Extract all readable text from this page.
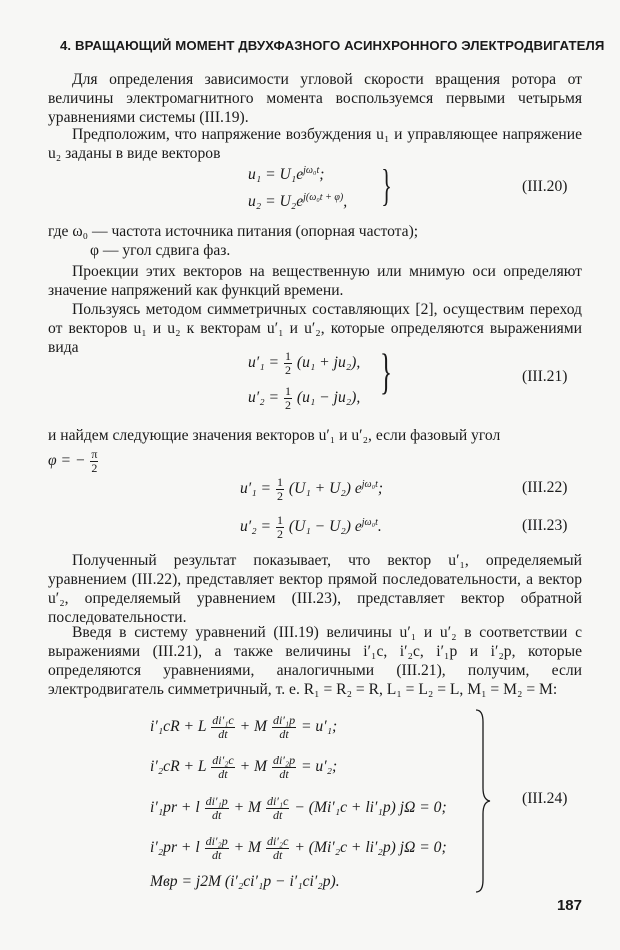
4. ВРАЩАЮЩИЙ МОМЕНТ ДВУХФАЗНОГО АСИНХРОННОГО ЭЛЕКТРОДВИГАТЕЛЯ

Для определения зависимости угловой скорости вращения ротора от величины электромагнитного момента воспользуемся первыми четырьмя уравнениями системы (III.19).

Предположим, что напряжение возбуждения u₁ и управляющее напряжение u₂ заданы в виде векторов

$u_1 = U_1e^{j\omega_0t}$;
$u_2 = U_2e^{j(\omega_0t + \varphi)}$, }	(III.20)
где ω₀ — частота источника питания (опорная частота);
φ — угол сдвига фаз.

Проекции этих векторов на вещественную или мнимую оси определяют значение напряжений как функций времени.

Пользуясь методом симметричных составляющих [2], осуществим переход от векторов u₁ и u₂ к векторам u′₁ и u′₂, которые определяются выражениями вида

$u'_1 = \frac{1}{2} (u_1 + ju_2)$,
$u'_2 = \frac{1}{2} (u_1 - ju_2)$, }	(III.21)

и найдем следующие значения векторов u′₁ и u′₂, если фазовый угол

φ = − $\frac{\pi}{2}$
$u'_1 = \frac{1}{2} (U_1 + U_2)$ $e^{j\omega_0t}$;	(III.22)
$u'_2 = \frac{1}{2} (U_1 - U_2)$ $e^{j\omega_0t}$.	(III.23)

Полученный результат показывает, что вектор u′₁, определяемый уравнением (III.22), представляет вектор прямой последовательности, а вектор u′₂, определяемый уравнением (III.23), представляет вектор обратной последовательности.

Введя в систему уравнений (III.19) величины u′₁ и u′₂ в соответствии с выражениями (III.21), а также величины i′₁c, i′₂c, i′₁p и i′₂p, которые определяются уравнениями, аналогичными (III.21), получим, если электродвигатель симметричный, т. е. R₁ = R₂ = R, L₁ = L₂ = L, M₁ = M₂ = M:

i′₁cR + L $\frac{\text{di′₁c}}{dt} + M \frac{\text{di′₁p}}{dt} = u'_1$;
i′₂cR + L $\frac{\text{di′₂c}}{dt} + M \frac{\text{di′₂p}}{dt} = u'_2$;
i′₁pr + l $\frac{\text{di′₁p}}{dt} + M \frac{\text{di′₁c}}{dt} - (Mi'_1c + li'_1p) j\Omega = 0$;
i′₂pr + l $\frac{\text{di′₂p}}{dt} + M \frac{\text{di′₂c}}{dt} + (Mi'_2c + li'_2p) j\Omega = 0$;
Mвр = j2M (i′₂ci′₁p − i′₁ci′₂p).
(III.24)
187
